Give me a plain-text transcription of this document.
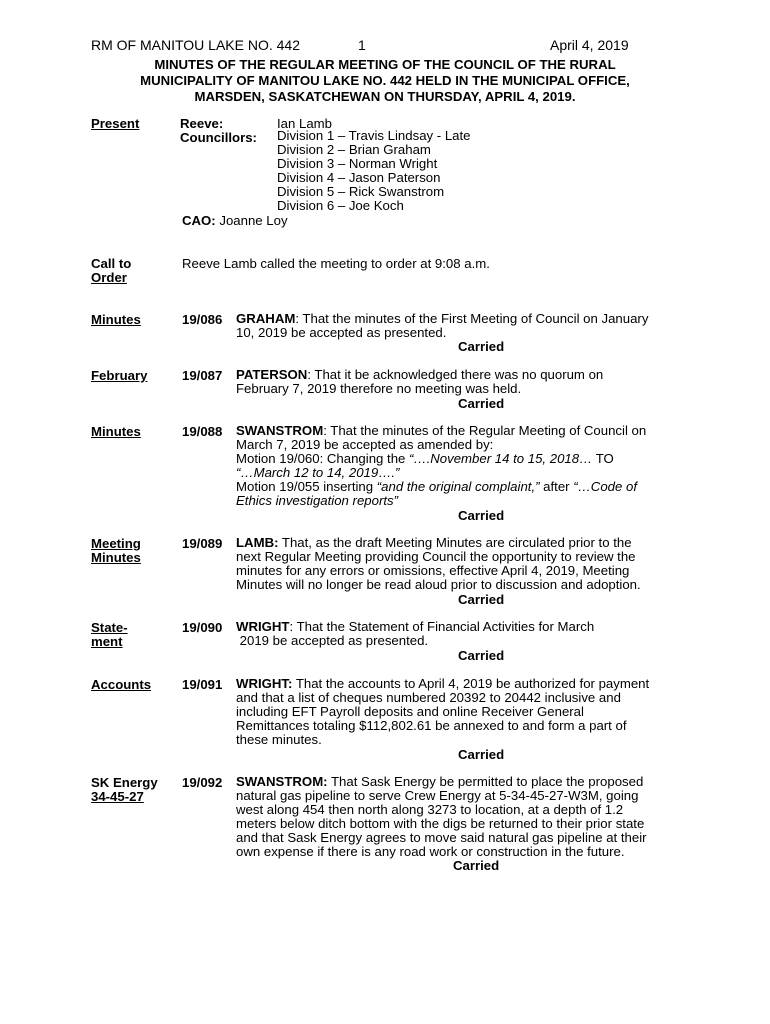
RM OF MANITOU LAKE NO. 442	1	April 4, 2019
MINUTES OF THE REGULAR MEETING OF THE COUNCIL OF THE RURAL
MUNICIPALITY OF MANITOU LAKE NO. 442 HELD IN THE MUNICIPAL OFFICE,
MARSDEN, SASKATCHEWAN ON THURSDAY, APRIL 4, 2019.
Present	Reeve:	Ian Lamb
Councillors: Division 1 – Travis Lindsay - Late
Division 2 – Brian Graham
Division 3 – Norman Wright
Division 4 – Jason Paterson
Division 5 – Rick Swanstrom
Division 6 – Joe Koch
CAO: Joanne Loy
Call to
Order
Reeve Lamb called the meeting to order at 9:08 a.m.
Minutes	19/086 GRAHAM: That the minutes of the First Meeting of Council on January
10, 2019 be accepted as presented.
Carried
February	19/087 PATERSON: That it be acknowledged there was no quorum on
February 7, 2019 therefore no meeting was held.
Carried
Minutes	19/088 SWANSTROM: That the minutes of the Regular Meeting of Council on
March 7, 2019 be accepted as amended by:
Motion 19/060: Changing the “….November 14 to 15, 2018… TO
“…March 12 to 14, 2019….”
Motion 19/055 inserting “and the original complaint,” after “…Code of
Ethics investigation reports”
Carried
Meeting
Minutes
19/089 LAMB: That, as the draft Meeting Minutes are circulated prior to the
next Regular Meeting providing Council the opportunity to review the
minutes for any errors or omissions, effective April 4, 2019, Meeting
Minutes will no longer be read aloud prior to discussion and adoption.
Carried
State-
ment
19/090 WRIGHT: That the Statement of Financial Activities for March
2019 be accepted as presented.
Carried
Accounts 19/091 WRIGHT: That the accounts to April 4, 2019 be authorized for payment
and that a list of cheques numbered 20392 to 20442 inclusive and
including EFT Payroll deposits and online Receiver General
Remittances totaling $112,802.61 be annexed to and form a part of
these minutes.
Carried
SK Energy
34-45-27
19/092 SWANSTROM: That Sask Energy be permitted to place the proposed
natural gas pipeline to serve Crew Energy at 5-34-45-27-W3M, going
west along 454 then north along 3273 to location, at a depth of 1.2
meters below ditch bottom with the digs be returned to their prior state
and that Sask Energy agrees to move said natural gas pipeline at their
own expense if there is any road work or construction in the future.
Carried
